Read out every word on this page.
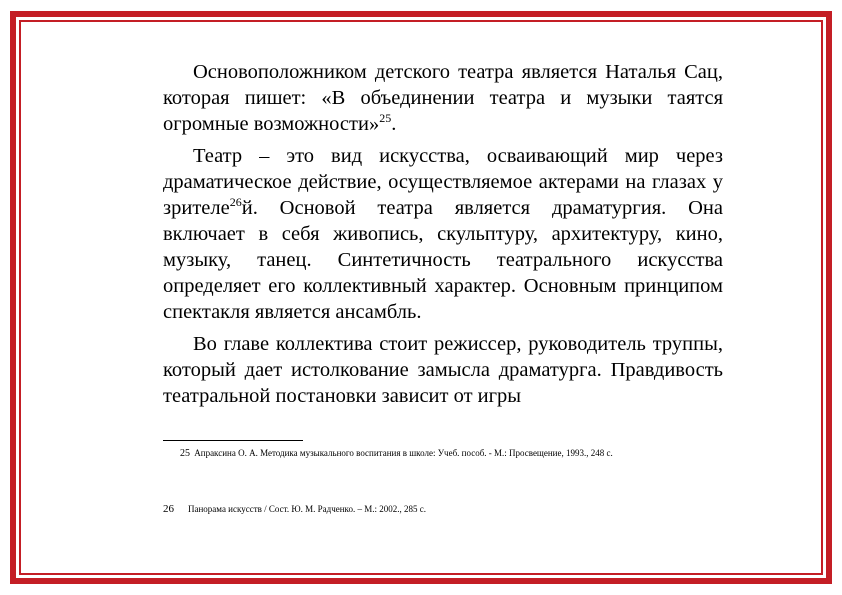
Основоположником детского театра является Наталья Сац, которая пишет: «В объединении театра и музыки таятся огромные возможности»$^{25}$.

Театр – это вид искусства, осваивающий мир через драматическое действие, осуществляемое актерами на глазах у зрителе$^{26}$й. Основой театра является драматургия. Она включает в себя живопись, скульптуру, архитектуру, кино, музыку, танец. Синтетичность театрального искусства определяет его коллективный характер. Основным принципом спектакля является ансамбль.

Во главе коллектива стоит режиссер, руководитель труппы, который дает истолкование замысла драматурга. Правдивость театральной постановки зависит от игры

25 Апраксина О. А. Методика музыкального воспитания в школе: Учеб. пособ. - М.: Просвещение, 1993., 248 с.
26 Панорама искусств / Сост. Ю. М. Радченко. – М.: 2002., 285 с.
